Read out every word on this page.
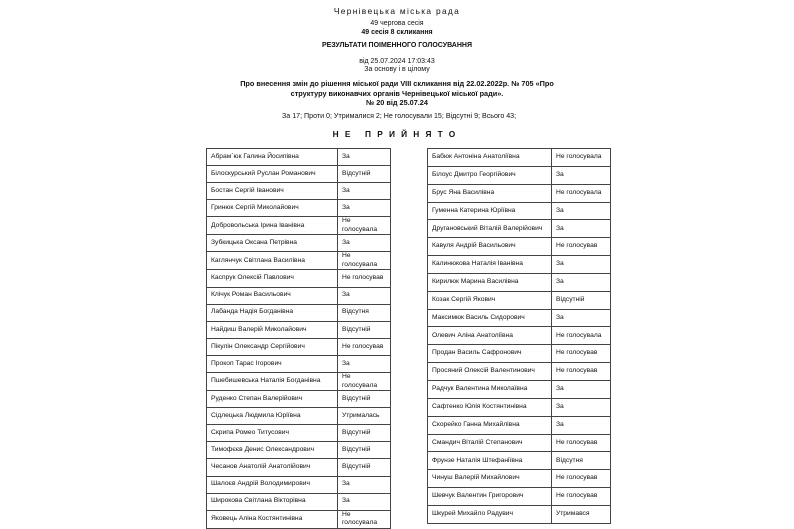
Чернівецька міська рада
49 чергова сесія
49 сесія 8 скликання
РЕЗУЛЬТАТИ ПОІМЕННОГО ГОЛОСУВАННЯ
від 25.07.2024 17:03:43
За основу і в цілому
Про внесення змін до рішення міської ради VIII скликання від 22.02.2022р. № 705 «Про
структуру виконавчих органів Чернівецької міської ради».
№ 20 від 25.07.24
За 17; Проти 0; Утрималися 2; Не голосували 15; Відсутні 9; Всього 43;
НЕ ПРИЙНЯТО
Абрам`юк Галина Йосипівна	За
Білоскурський Руслан Романович	Відсутній
Бостан Сергій Іванович	За
Гринюк Сергій Миколайович	За
Добровольська Ірина Іванівна	Не голосувала
Зубкицька Оксана Петрівна	За
Каглянчук Світлана Василівна	Не голосувала
Каспрук Олексій Павлович	Не голосував
Клічук Роман Васильович	За
Лабанда Надія Богданівна	Відсутня
Найдиш Валерій Миколайович	Відсутній
Пікулін Олександр Сергійович	Не голосував
Прокоп Тарас Ігорович	За
Пшебишевська Наталія Богданівна	Не голосувала
Руденко Степан Валерійович	Відсутній
Сідлецька Людмила Юріївна	Утрималась
Скрипа Ромео Титусович	Відсутній
Тимофєєв Денис Олександрович	Відсутній
Чесанов Анатолій Анатолійович	Відсутній
Шалоєв Андрій Володимирович	За
Широкова Світлана Вікторівна	За
Яковець Аліна Костянтинівна	Не голосувала
Бабюк Антоніна Анатоліївна	Не голосувала
Білоус Дмитро Георгійович	За
Брус Яна Василівна	Не голосувала
Гуменна Катерина Юріївна	За
Другановський Віталій Валерійович	За
Кавуля Андрій Васильович	Не голосував
Калинюкова Наталія Іванівна	За
Кирилюк Марина Василівна	За
Козак Сергій Якович	Відсутній
Максимюк Василь Сидорович	За
Олевич Аліна Анатоліївна	Не голосувала
Продан Василь Сафронович	Не голосував
Просяний Олексій Валентинович	Не голосував
Радчук Валентина Миколаївна	За
Сафтенко Юлія Костянтинівна	За
Скорейко Ганна Михайлівна	За
Смандич Віталій Степанович	Не голосував
Фрунзе Наталія Штефаніївна	Відсутня
Чинуш Валерій Михайлович	Не голосував
Шевчук Валентин Григорович	Не голосував
Шкурей Михайло Радувич	Утримався
